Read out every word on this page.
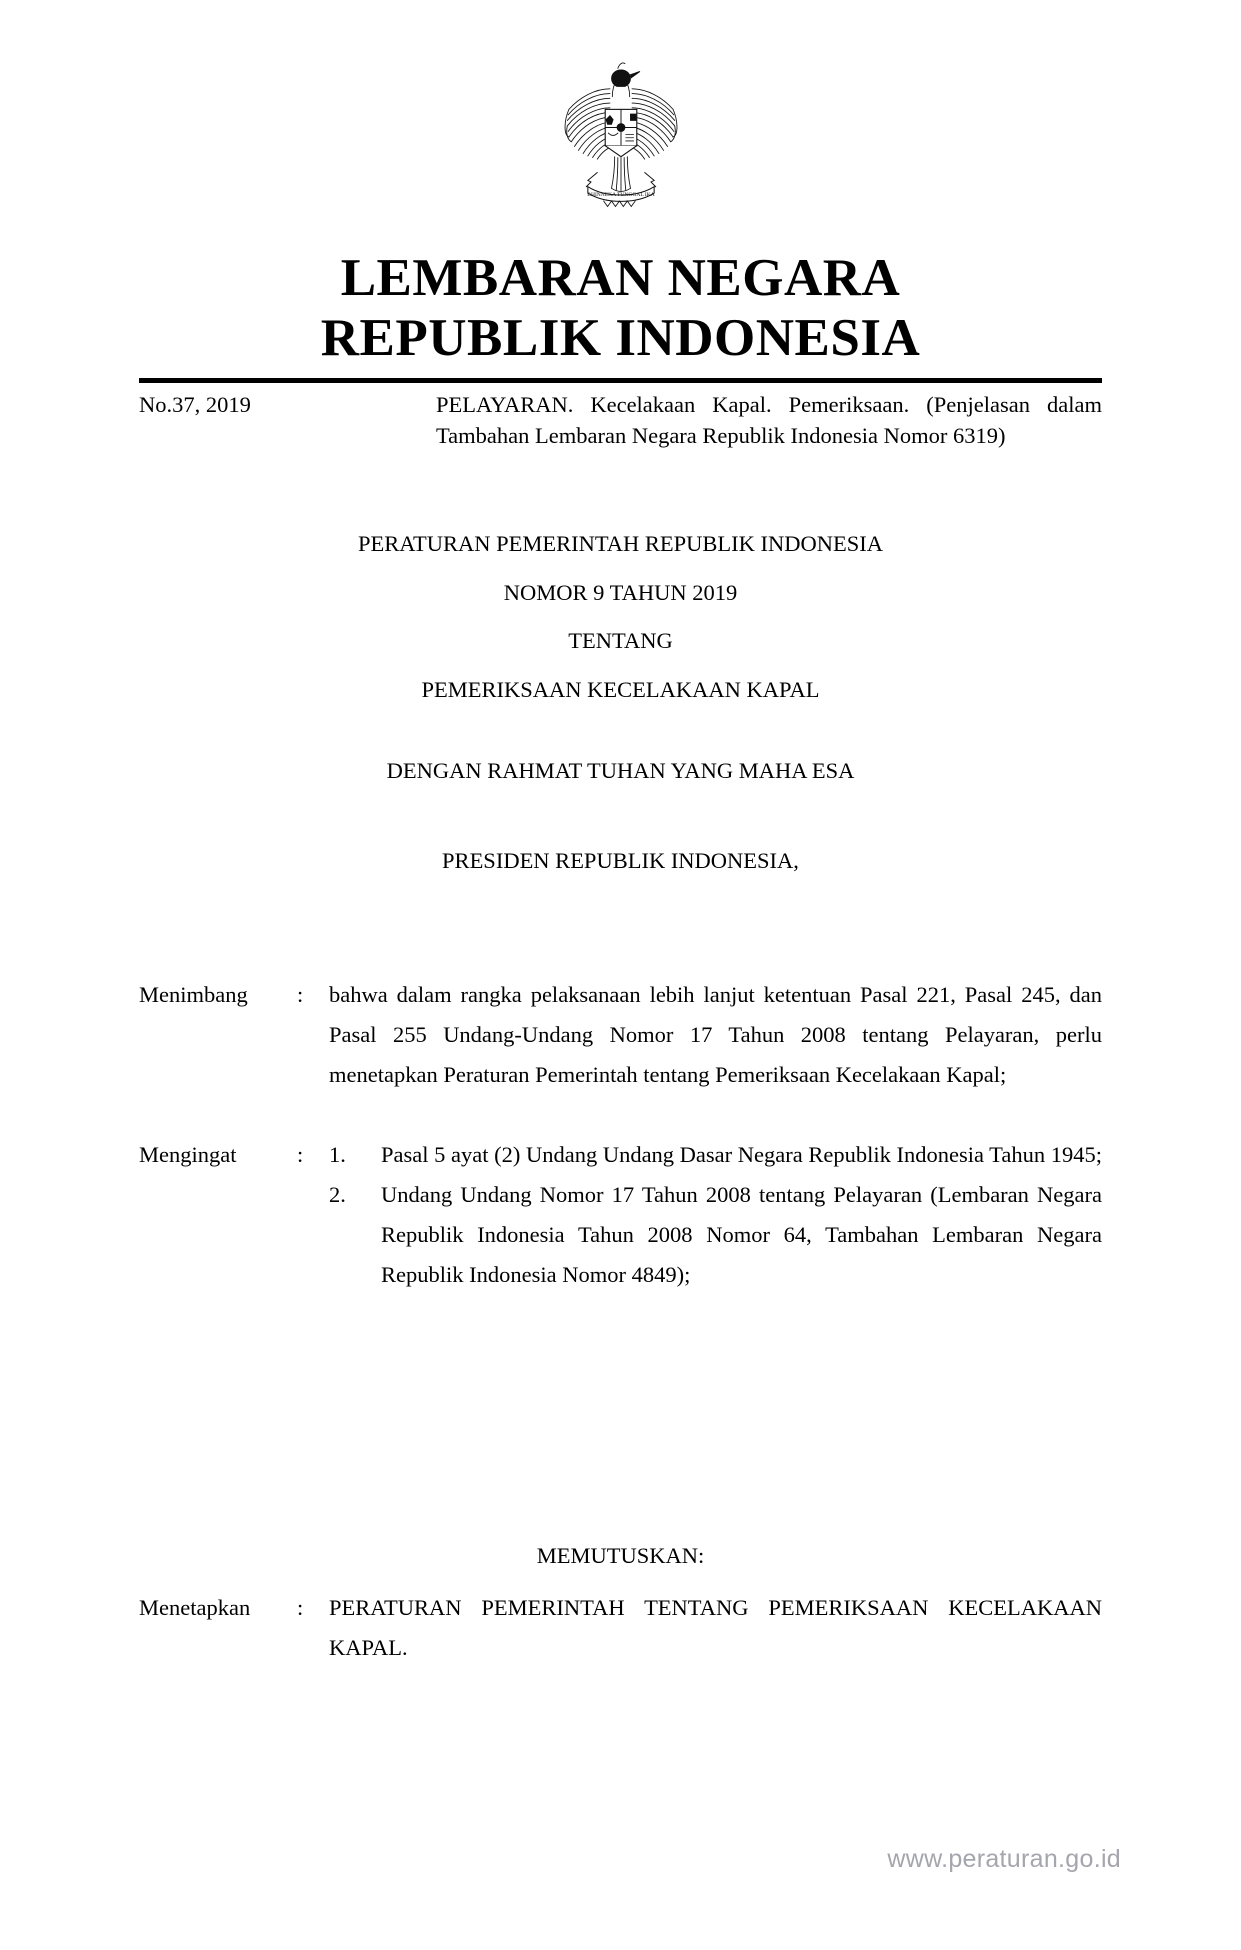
BHINNEKA TUNGGAL IKA
LEMBARAN NEGARA
REPUBLIK INDONESIA
No.37, 2019	PELAYARAN. Kecelakaan Kapal. Pemeriksaan. (Penjelasan dalam Tambahan Lembaran Negara Republik Indonesia Nomor 6319)
PERATURAN PEMERINTAH REPUBLIK INDONESIA
NOMOR 9 TAHUN 2019
TENTANG
PEMERIKSAAN KECELAKAAN KAPAL
DENGAN RAHMAT TUHAN YANG MAHA ESA
PRESIDEN REPUBLIK INDONESIA,
Menimbang	:	bahwa dalam rangka pelaksanaan lebih lanjut ketentuan Pasal 221, Pasal 245, dan Pasal 255 Undang-Undang Nomor 17 Tahun 2008 tentang Pelayaran, perlu menetapkan Peraturan Pemerintah tentang Pemeriksaan Kecelakaan Kapal;
Mengingat	:	1.	Pasal 5 ayat (2) Undang Undang Dasar Negara Republik Indonesia Tahun 1945;
2.	Undang Undang Nomor 17 Tahun 2008 tentang Pelayaran (Lembaran Negara Republik Indonesia Tahun 2008 Nomor 64, Tambahan Lembaran Negara Republik Indonesia Nomor 4849);
MEMUTUSKAN:
Menetapkan	:	PERATURAN PEMERINTAH TENTANG PEMERIKSAAN KECELAKAAN KAPAL.
www.peraturan.go.id
